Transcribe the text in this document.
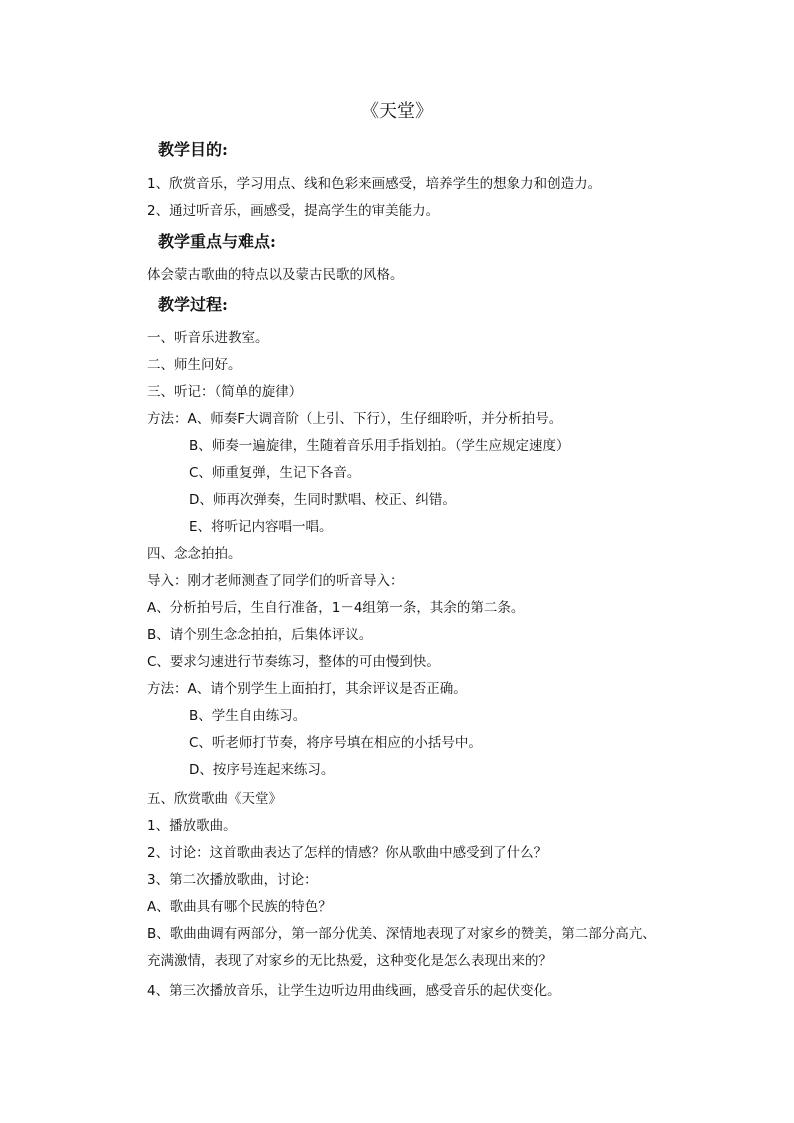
《天堂》
教学目的:
1、欣赏音乐，学习用点、线和色彩来画感受，培养学生的想象力和创造力。
2、通过听音乐，画感受，提高学生的审美能力。
教学重点与难点:
体会蒙古歌曲的特点以及蒙古民歌的风格。
教学过程:
一、听音乐进教室。
二、师生问好。
三、听记：（简单的旋律）
方法：A、师奏F大调音阶（上引、下行），生仔细聆听，并分析拍号。
B、师奏一遍旋律，生随着音乐用手指划拍。（学生应规定速度）
C、师重复弹，生记下各音。
D、师再次弹奏，生同时默唱、校正、纠错。
E、将听记内容唱一唱。
四、念念拍拍。
导入：刚才老师测查了同学们的听音导入：
A、分析拍号后，生自行准备，1－4组第一条，其余的第二条。
B、请个别生念念拍拍，后集体评议。
C、要求匀速进行节奏练习，整体的可由慢到快。
方法：A、请个别学生上面拍打，其余评议是否正确。
B、学生自由练习。
C、听老师打节奏，将序号填在相应的小括号中。
D、按序号连起来练习。
五、欣赏歌曲《天堂》
1、播放歌曲。
2、讨论：这首歌曲表达了怎样的情感？你从歌曲中感受到了什么？
3、第二次播放歌曲，讨论：
A、歌曲具有哪个民族的特色？
B、歌曲曲调有两部分，第一部分优美、深情地表现了对家乡的赞美，第二部分高亢、
充满激情，表现了对家乡的无比热爱，这种变化是怎么表现出来的？
4、第三次播放音乐，让学生边听边用曲线画，感受音乐的起伏变化。
